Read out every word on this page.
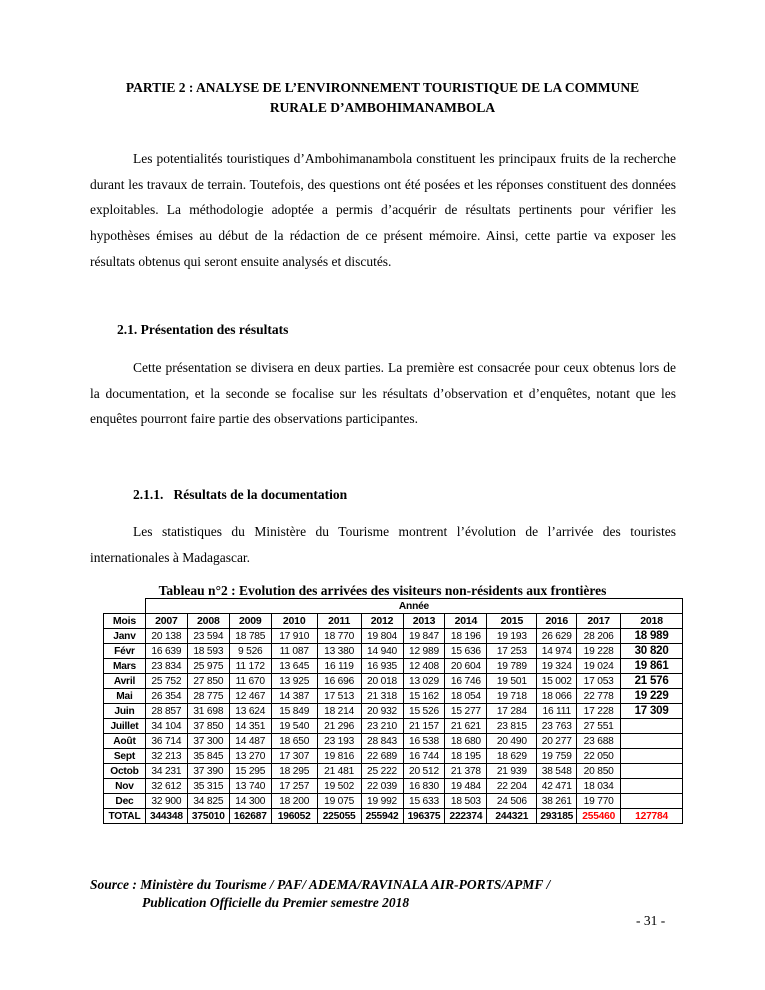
PARTIE 2 : ANALYSE DE L’ENVIRONNEMENT TOURISTIQUE DE LA COMMUNE
RURALE D’AMBOHIMANAMBOLA
Les potentialités touristiques d’Ambohimanambola constituent les principaux fruits de la recherche durant les travaux de terrain. Toutefois, des questions ont été posées et les réponses constituent des données exploitables. La méthodologie adoptée a permis d’acquérir de résultats pertinents pour vérifier les hypothèses émises au début de la rédaction de ce présent mémoire. Ainsi, cette partie va exposer les résultats obtenus qui seront ensuite analysés et discutés.
2.1. Présentation des résultats
Cette présentation se divisera en deux parties. La première est consacrée pour ceux obtenus lors de la documentation, et la seconde se focalise sur les résultats d’observation et d’enquêtes, notant que les enquêtes pourront faire partie des observations participantes.
2.1.1.   Résultats de la documentation
Les statistiques du Ministère du Tourisme montrent l’évolution de l’arrivée des touristes internationales à Madagascar.
Tableau n°2 : Evolution des arrivées des visiteurs non-résidents aux frontières
	Année											
Mois	2007	2008	2009	2010	2011	2012	2013	2014	2015	2016	2017	2018
Janv	20 138	23 594	18 785	17 910	18 770	19 804	19 847	18 196	19 193	26 629	28 206	18 989
Févr	16 639	18 593	9 526	11 087	13 380	14 940	12 989	15 636	17 253	14 974	19 228	30 820
Mars	23 834	25 975	11 172	13 645	16 119	16 935	12 408	20 604	19 789	19 324	19 024	19 861
Avril	25 752	27 850	11 670	13 925	16 696	20 018	13 029	16 746	19 501	15 002	17 053	21 576
Mai	26 354	28 775	12 467	14 387	17 513	21 318	15 162	18 054	19 718	18 066	22 778	19 229
Juin	28 857	31 698	13 624	15 849	18 214	20 932	15 526	15 277	17 284	16 111	17 228	17 309
Juillet	34 104	37 850	14 351	19 540	21 296	23 210	21 157	21 621	23 815	23 763	27 551	
Août	36 714	37 300	14 487	18 650	23 193	28 843	16 538	18 680	20 490	20 277	23 688	
Sept	32 213	35 845	13 270	17 307	19 816	22 689	16 744	18 195	18 629	19 759	22 050	
Octob	34 231	37 390	15 295	18 295	21 481	25 222	20 512	21 378	21 939	38 548	20 850	
Nov	32 612	35 315	13 740	17 257	19 502	22 039	16 830	19 484	22 204	42 471	18 034	
Dec	32 900	34 825	14 300	18 200	19 075	19 992	15 633	18 503	24 506	38 261	19 770	
TOTAL	344348	375010	162687	196052	225055	255942	196375	222374	244321	293185	255460	127784
Source : Ministère du Tourisme / PAF/ ADEMA/RAVINALA AIR-PORTS/APMF /
Publication Officielle du Premier semestre 2018
- 31 -
